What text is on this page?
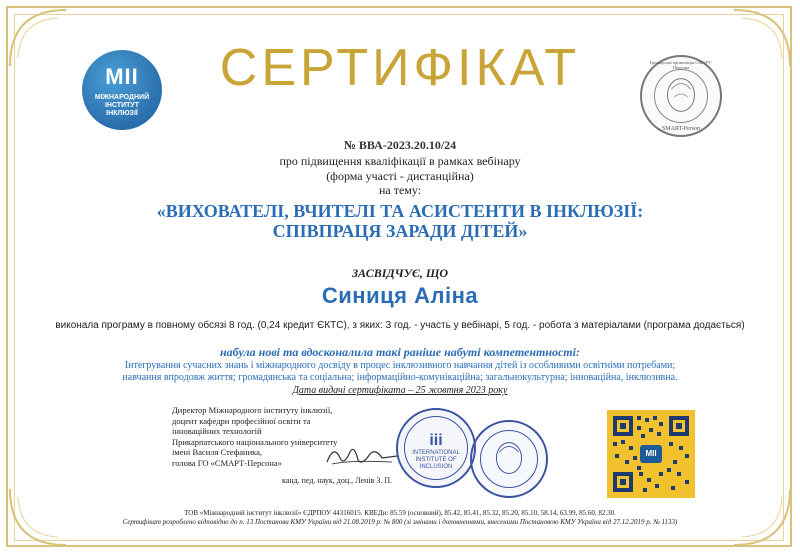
СЕРТИФІКАТ
MII
МІЖНАРОДНИЙ
ІНСТИТУТ
ІНКЛЮЗІЇ
Громадська організація СМАРТ-Персона
SMART-Person
№ ВВА-2023.20.10/24
про підвищення кваліфікації в рамках вебінару
(форма участі - дистанційна)
на тему:
«ВИХОВАТЕЛІ, ВЧИТЕЛІ ТА АСИСТЕНТИ В ІНКЛЮЗІЇ:
СПІВПРАЦЯ ЗАРАДИ ДІТЕЙ»
ЗАСВІДЧУЄ, ЩО
Синиця Аліна
виконала програму в повному обсязі 8 год. (0,24 кредит ЄКТС), з яких: 3 год. - участь у вебінарі, 5 год. - робота з матеріалами (програма додається)
набула нові та вдосконалила такі раніше набуті компетентності:
Інтегрування сучасних знань і міжнародного досвіду в процес інклюзивного навчання дітей із особливими освітніми потребами;
навчання впродовж життя; громадянська та соціальна; інформаційно-комунікаційна; загальнокультурна; інноваційна, інклюзивна.
Дата видачі сертифіката – 25 жовтня 2023 року
Директор Міжнародного інституту інклюзії,
доцент кафедри професійної освіти та
інноваційних технологій
Прикарпатського національного університету
імені Василя Стефаника,
голова ГО «СМАРТ-Персона»
канд. пед. наук, доц., Ленів З. П.
iii
INTERNATIONAL
INSTITUTE OF
INCLUSION
MII
ТОВ «Міжнародний інститут інклюзії» ЄДРПОУ 44316015. КВЕДи: 85.59 (основний), 85.42, 85.41, 85.32, 85.20, 85.10, 58.14, 63.99, 85.60, 82.30.
Сертифікат розроблено відповідно до п. 13 Постанови КМУ України від 21.08.2019 р. № 800 (зі змінами і доповненнями, внесеними Постановою КМУ України від 27.12.2019 р. № 1133)
